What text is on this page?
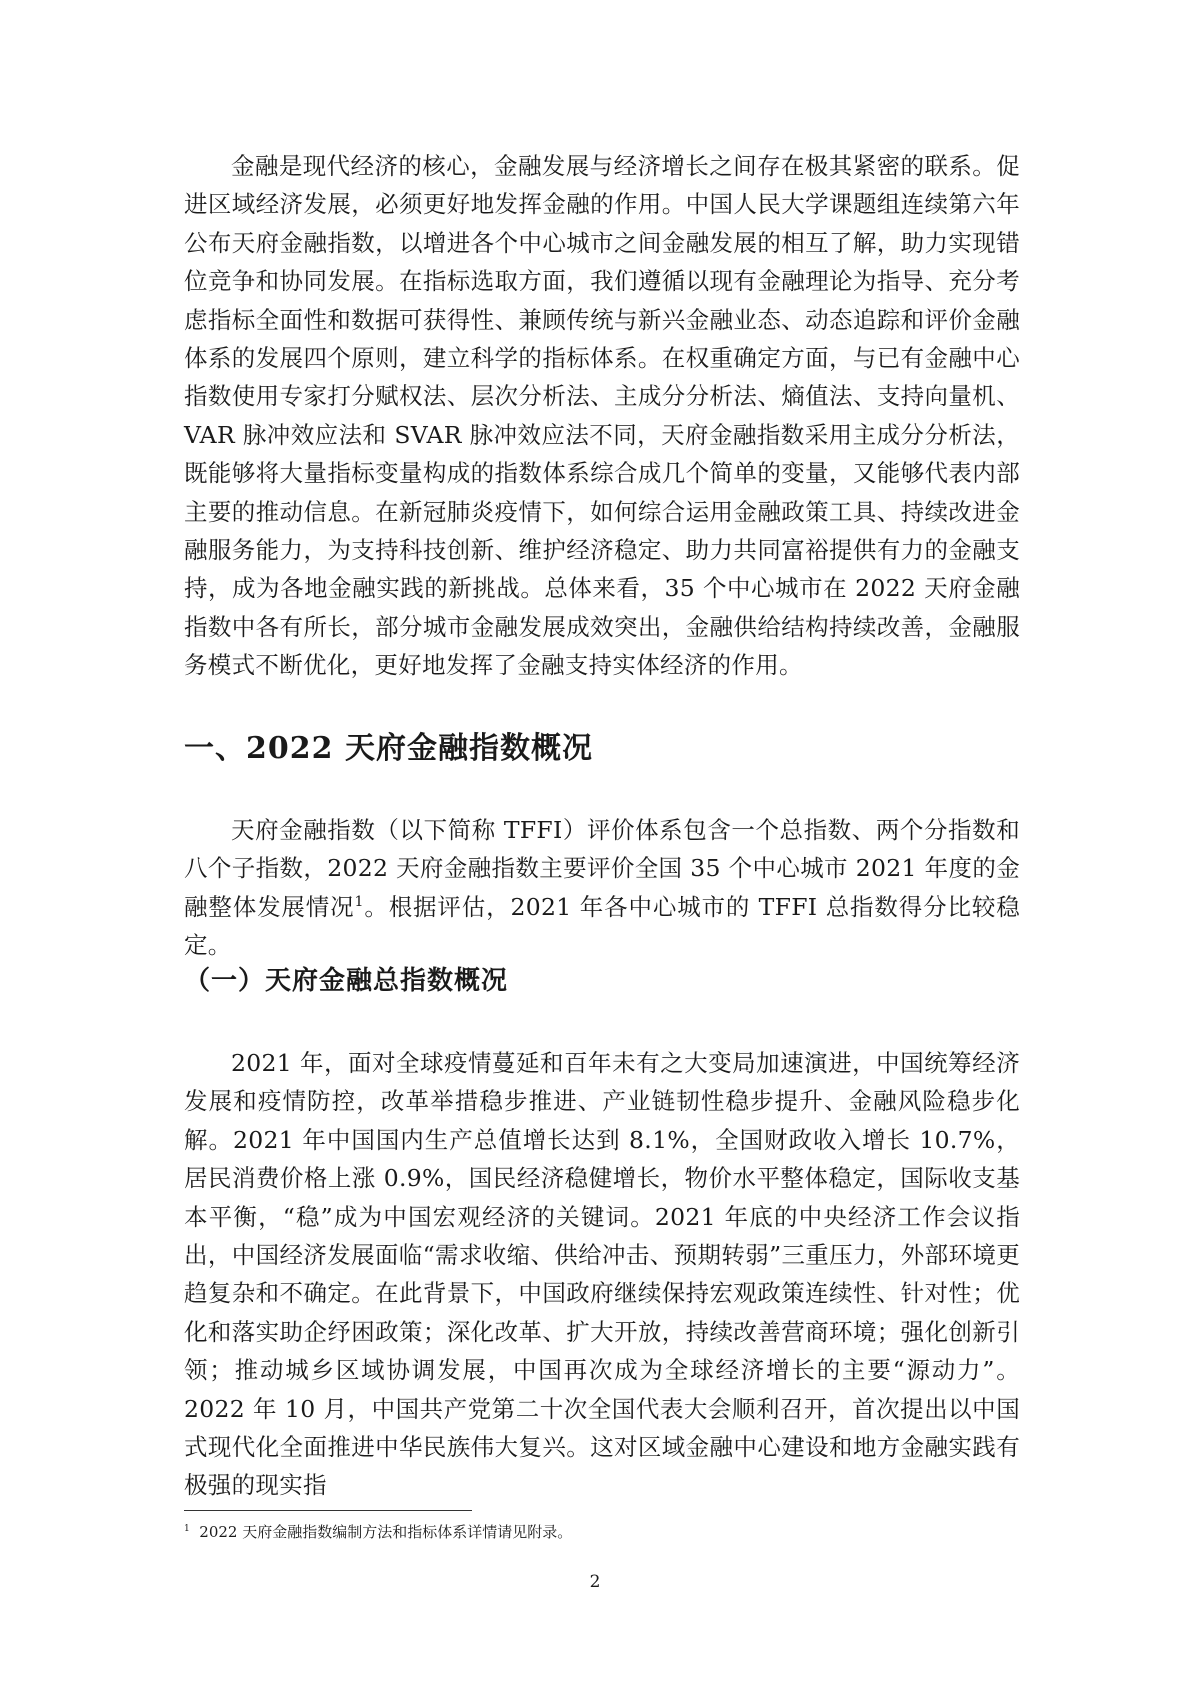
金融是现代经济的核心，金融发展与经济增长之间存在极其紧密的联系。促进区域经济发展，必须更好地发挥金融的作用。中国人民大学课题组连续第六年公布天府金融指数，以增进各个中心城市之间金融发展的相互了解，助力实现错位竞争和协同发展。在指标选取方面，我们遵循以现有金融理论为指导、充分考虑指标全面性和数据可获得性、兼顾传统与新兴金融业态、动态追踪和评价金融体系的发展四个原则，建立科学的指标体系。在权重确定方面，与已有金融中心指数使用专家打分赋权法、层次分析法、主成分分析法、熵值法、支持向量机、VAR 脉冲效应法和 SVAR 脉冲效应法不同，天府金融指数采用主成分分析法，既能够将大量指标变量构成的指数体系综合成几个简单的变量，又能够代表内部主要的推动信息。在新冠肺炎疫情下，如何综合运用金融政策工具、持续改进金融服务能力，为支持科技创新、维护经济稳定、助力共同富裕提供有力的金融支持，成为各地金融实践的新挑战。总体来看，35 个中心城市在 2022 天府金融指数中各有所长，部分城市金融发展成效突出，金融供给结构持续改善，金融服务模式不断优化，更好地发挥了金融支持实体经济的作用。

一、2022 天府金融指数概况

天府金融指数（以下简称 TFFI）评价体系包含一个总指数、两个分指数和八个子指数，2022 天府金融指数主要评价全国 35 个中心城市 2021 年度的金融整体发展情况$^1$。根据评估，2021 年各中心城市的 TFFI 总指数得分比较稳定。

（一）天府金融总指数概况

2021 年，面对全球疫情蔓延和百年未有之大变局加速演进，中国统筹经济发展和疫情防控，改革举措稳步推进、产业链韧性稳步提升、金融风险稳步化解。2021 年中国国内生产总值增长达到 8.1%，全国财政收入增长 10.7%，居民消费价格上涨 0.9%，国民经济稳健增长，物价水平整体稳定，国际收支基本平衡，“稳”成为中国宏观经济的关键词。2021 年底的中央经济工作会议指出，中国经济发展面临“需求收缩、供给冲击、预期转弱”三重压力，外部环境更趋复杂和不确定。在此背景下，中国政府继续保持宏观政策连续性、针对性；优化和落实助企纾困政策；深化改革、扩大开放，持续改善营商环境；强化创新引领；推动城乡区域协调发展，中国再次成为全球经济增长的主要“源动力”。2022 年 10 月，中国共产党第二十次全国代表大会顺利召开，首次提出以中国式现代化全面推进中华民族伟大复兴。这对区域金融中心建设和地方金融实践有极强的现实指

$^1$ 2022 天府金融指数编制方法和指标体系详情请见附录。

2
